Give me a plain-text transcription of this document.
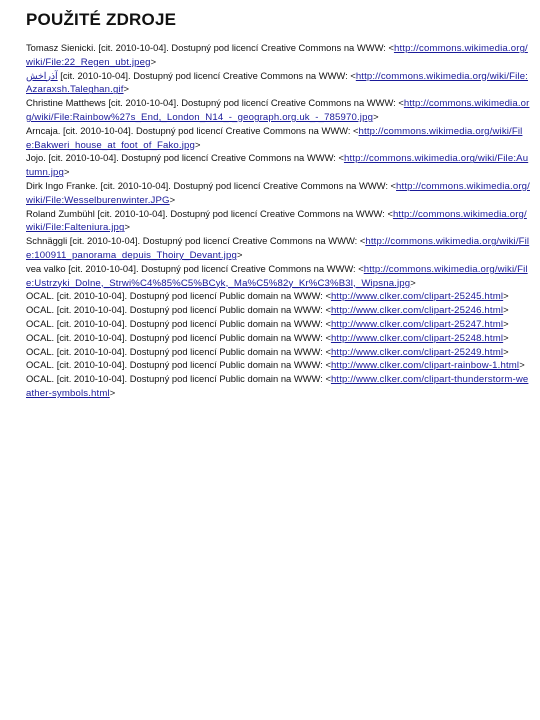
POUŽITÉ ZDROJE
Tomasz Sienicki. [cit. 2010-10-04]. Dostupný pod licencí Creative Commons na WWW: <http://commons.wikimedia.org/wiki/File:22_Regen_ubt.jpeg>
ﺁﺫﺭﺍﺧﺶ [cit. 2010-10-04]. Dostupný pod licencí Creative Commons na WWW: <http://commons.wikimedia.org/wiki/File:Azaraxsh.Taleghan.gif>
Christine Matthews [cit. 2010-10-04]. Dostupný pod licencí Creative Commons na WWW: <http://commons.wikimedia.org/wiki/File:Rainbow%27s_End,_London_N14_-_geograph.org.uk_-_785970.jpg>
Arncaja. [cit. 2010-10-04]. Dostupný pod licencí Creative Commons na WWW: <http://commons.wikimedia.org/wiki/File:Bakweri_house_at_foot_of_Fako.jpg>
Jojo. [cit. 2010-10-04]. Dostupný pod licencí Creative Commons na WWW: <http://commons.wikimedia.org/wiki/File:Autumn.jpg>
Dirk Ingo Franke. [cit. 2010-10-04]. Dostupný pod licencí Creative Commons na WWW: <http://commons.wikimedia.org/wiki/File:Wesselburenwinter.JPG>
Roland Zumbühl [cit. 2010-10-04]. Dostupný pod licencí Creative Commons na WWW: <http://commons.wikimedia.org/wiki/File:Falteniura.jpg>
Schnäggli [cit. 2010-10-04]. Dostupný pod licencí Creative Commons na WWW: <http://commons.wikimedia.org/wiki/File:100911_panorama_depuis_Thoiry_Devant.jpg>
vea valko [cit. 2010-10-04]. Dostupný pod licencí Creative Commons na WWW: <http://commons.wikimedia.org/wiki/File:Ustrzyki_Dolne,_Strwi%C4%85%C5%BCyk,_Ma%C5%82y_Kr%C3%B3l,_Wipsna.jpg>
OCAL. [cit. 2010-10-04]. Dostupný pod licencí Public domain na WWW: <http://www.clker.com/clipart-25245.html>
OCAL. [cit. 2010-10-04]. Dostupný pod licencí Public domain na WWW: <http://www.clker.com/clipart-25246.html>
OCAL. [cit. 2010-10-04]. Dostupný pod licencí Public domain na WWW: <http://www.clker.com/clipart-25247.html>
OCAL. [cit. 2010-10-04]. Dostupný pod licencí Public domain na WWW: <http://www.clker.com/clipart-25248.html>
OCAL. [cit. 2010-10-04]. Dostupný pod licencí Public domain na WWW: <http://www.clker.com/clipart-25249.html>
OCAL. [cit. 2010-10-04]. Dostupný pod licencí Public domain na WWW: <http://www.clker.com/clipart-rainbow-1.html>
OCAL. [cit. 2010-10-04]. Dostupný pod licencí Public domain na WWW: <http://www.clker.com/clipart-thunderstorm-weather-symbols.html>
